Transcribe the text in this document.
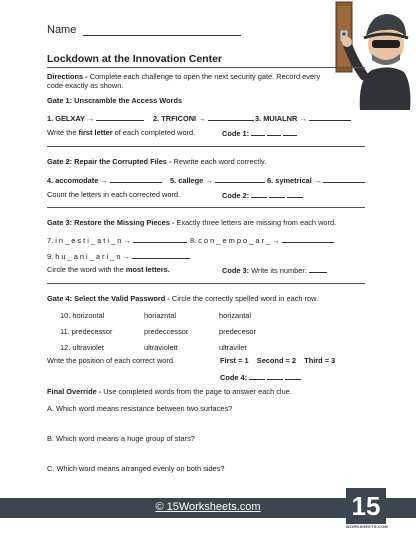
Name
Lockdown at the Innovation Center
Directions - Complete each challenge to open the next security gate. Record every
code exactly as shown.
Gate 1: Unscramble the Access Words
1. GELXAY →	2. TRFICONI →	3. MUIALNR →
Write the first letter of each completed word.	Code 1:
Gate 2: Repair the Corrupted Files - Rewrite each word correctly.
4. accomodate →	5. callege →	6. symetrical →
Count the letters in each corrected word.	Code 2:
Gate 3: Restore the Missing Pieces - Exactly three letters are missing from each word.
7. i n _ e s t i _ a t i _ n →	8. c o n _ e m p o _ a r _ →
9. h u _ a n i _ a r i _ n →
Circle the word with the most letters.	Code 3: Write its number:
Gate 4: Select the Valid Password - Circle the correctly spelled word in each row.
10. horizontal	horiazntal	horizantal
11. predecessor	predeccessor	predecesor
12. ultraviolet	ultraviolett	ultravilet
Write the position of each correct word.	First = 1    Second = 2    Third = 3
Code 4:
Final Override - Use completed words from the page to answer each clue.
A. Which word means resistance between two surfaces?
B. Which word means a huge group of stars?
C. Which word means arranged evenly on both sides?
© 15Worksheets.com	15
WORKSHEETS.COM
